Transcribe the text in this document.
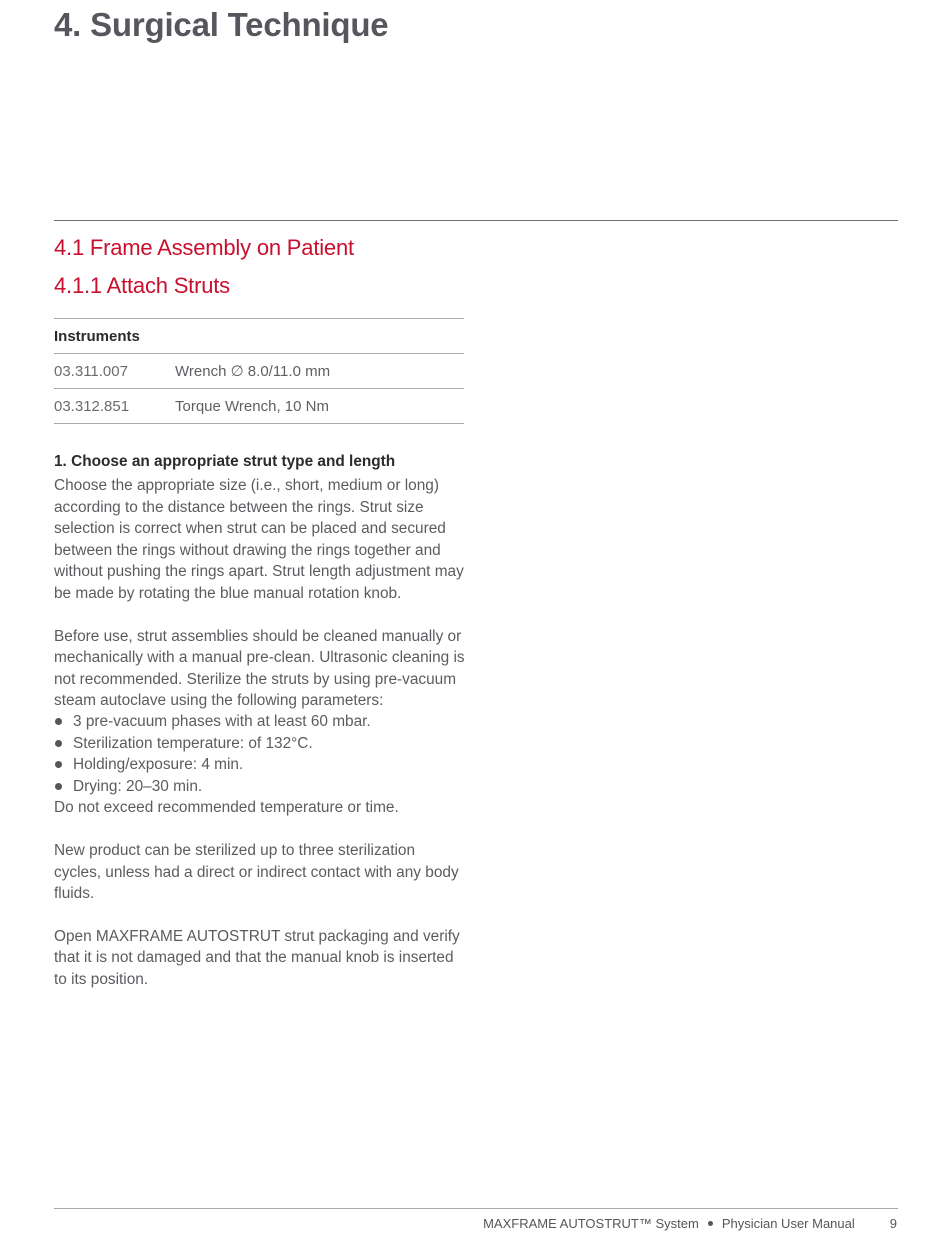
4. Surgical Technique
4.1 Frame Assembly on Patient
4.1.1 Attach Struts
Instruments	
03.311.007	Wrench ∅ 8.0/11.0 mm
03.312.851	Torque Wrench, 10 Nm
1. Choose an appropriate strut type and length

Choose the appropriate size (i.e., short, medium or long) according to the distance between the rings. Strut size selection is correct when strut can be placed and secured between the rings without drawing the rings together and without pushing the rings apart. Strut length adjustment may be made by rotating the blue manual rotation knob.

Before use, strut assemblies should be cleaned manually or mechanically with a manual pre-clean. Ultrasonic cleaning is not recommended. Sterilize the struts by using pre-vacuum steam autoclave using the following parameters:
3 pre-vacuum phases with at least 60 mbar.
Sterilization temperature: of 132°C.
Holding/exposure: 4 min.
Drying: 20–30 min.
Do not exceed recommended temperature or time.

New product can be sterilized up to three sterilization cycles, unless had a direct or indirect contact with any body fluids.

Open MAXFRAME AUTOSTRUT strut packaging and verify that it is not damaged and that the manual knob is inserted to its position.

MAXFRAME AUTOSTRUT™ System Physician User Manual	9
